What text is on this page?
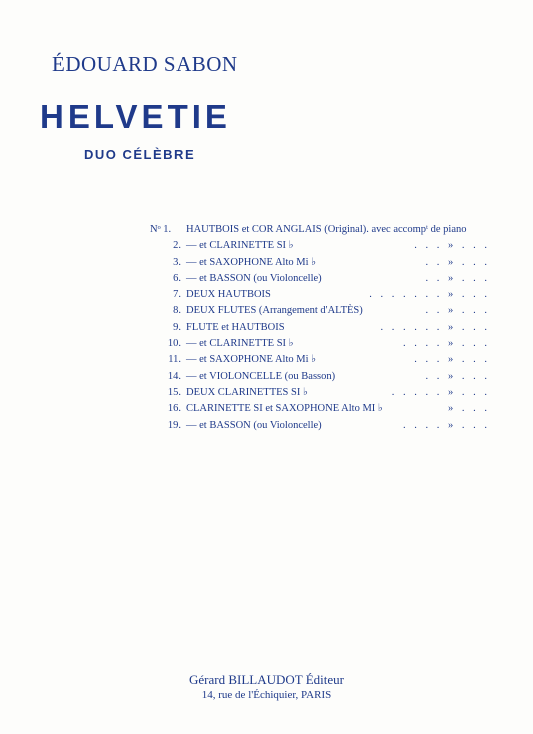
ÉDOUARD SABON
HELVETIE
DUO CÉLÈBRE
Nᵒ 1.	HAUTBOIS et COR ANGLAIS (Original). avec accompᵗ de piano
2. — et CLARINETTE SI ♭	. . . » . . .
3. — et SAXOPHONE Alto Mi ♭	. . » . . .
6. — et BASSON (ou Violoncelle)	. . » . . .
7. DEUX HAUTBOIS	. . . . . . . » . . .
8. DEUX FLUTES (Arrangement d'ALTÈS)	. . » . . .
9. FLUTE et HAUTBOIS	. . . . . . » . . .
10. — et CLARINETTE SI ♭	. . . . » . . .
11. — et SAXOPHONE Alto Mi ♭	. . . » . . .
14. — et VIOLONCELLE (ou Basson)	. . » . . .
15. DEUX CLARINETTES SI ♭	. . . . . » . . .
16. CLARINETTE SI et SAXOPHONE Alto MI ♭	» . . .
19. — et BASSON (ou Violoncelle)	. . . . » . . .
Gérard BILLAUDOT Éditeur
14, rue de l'Échiquier, PARIS
